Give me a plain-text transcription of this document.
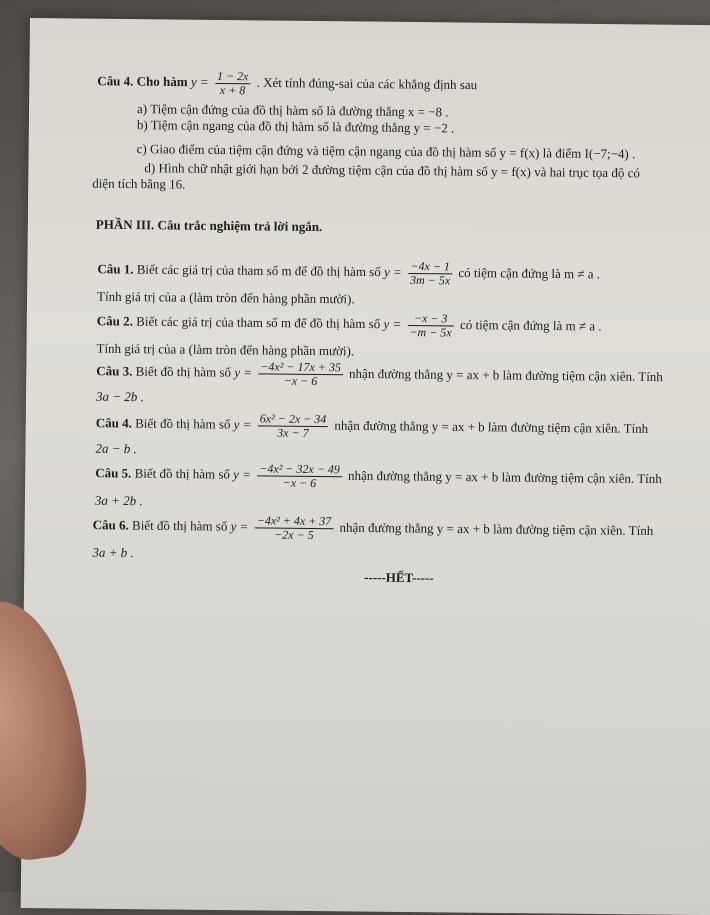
Câu 4. Cho hàm $y = \frac{1 - 2x}{x + 8}$ . Xét tính đúng-sai của các khẳng định sau
a) Tiệm cận đứng của đồ thị hàm số là đường thẳng x = −8 .
b) Tiệm cận ngang của đồ thị hàm số là đường thẳng y = −2 .
c) Giao điểm của tiệm cận đứng và tiệm cận ngang của đồ thị hàm số y = f(x) là điểm I(−7;−4) .
d) Hình chữ nhật giới hạn bởi 2 đường tiệm cận của đồ thị hàm số y = f(x) và hai trục tọa độ có
diện tích bằng 16.
PHẦN III. Câu trắc nghiệm trả lời ngắn.
Câu 1. Biết các giá trị của tham số m để đồ thị hàm số $y = \frac{-4x - 1}{3m - 5x}$ có tiệm cận đứng là m ≠ a .
Tính giá trị của a (làm tròn đến hàng phần mười).
Câu 2. Biết các giá trị của tham số m để đồ thị hàm số $y = \frac{-x - 3}{-m - 5x}$ có tiệm cận đứng là m ≠ a .
Tính giá trị của a (làm tròn đến hàng phần mười).
Câu 3. Biết đồ thị hàm số $y = \frac{\text{−4x² − 17x + 35}}{-x - 6}$ nhận đường thẳng y = ax + b làm đường tiệm cận xiên. Tính
3a − 2b .
Câu 4. Biết đồ thị hàm số $y = \frac{\text{6x² − 2x − 34}}{3x - 7}$ nhận đường thẳng y = ax + b làm đường tiệm cận xiên. Tính
2a − b .
Câu 5. Biết đồ thị hàm số $y = \frac{\text{−4x² − 32x − 49}}{-x - 6}$ nhận đường thẳng y = ax + b làm đường tiệm cận xiên. Tính
3a + 2b .
Câu 6. Biết đồ thị hàm số $y = \frac{\text{−4x² + 4x + 37}}{-2x - 5}$ nhận đường thẳng y = ax + b làm đường tiệm cận xiên. Tính
3a + b .
-----HẾT-----
